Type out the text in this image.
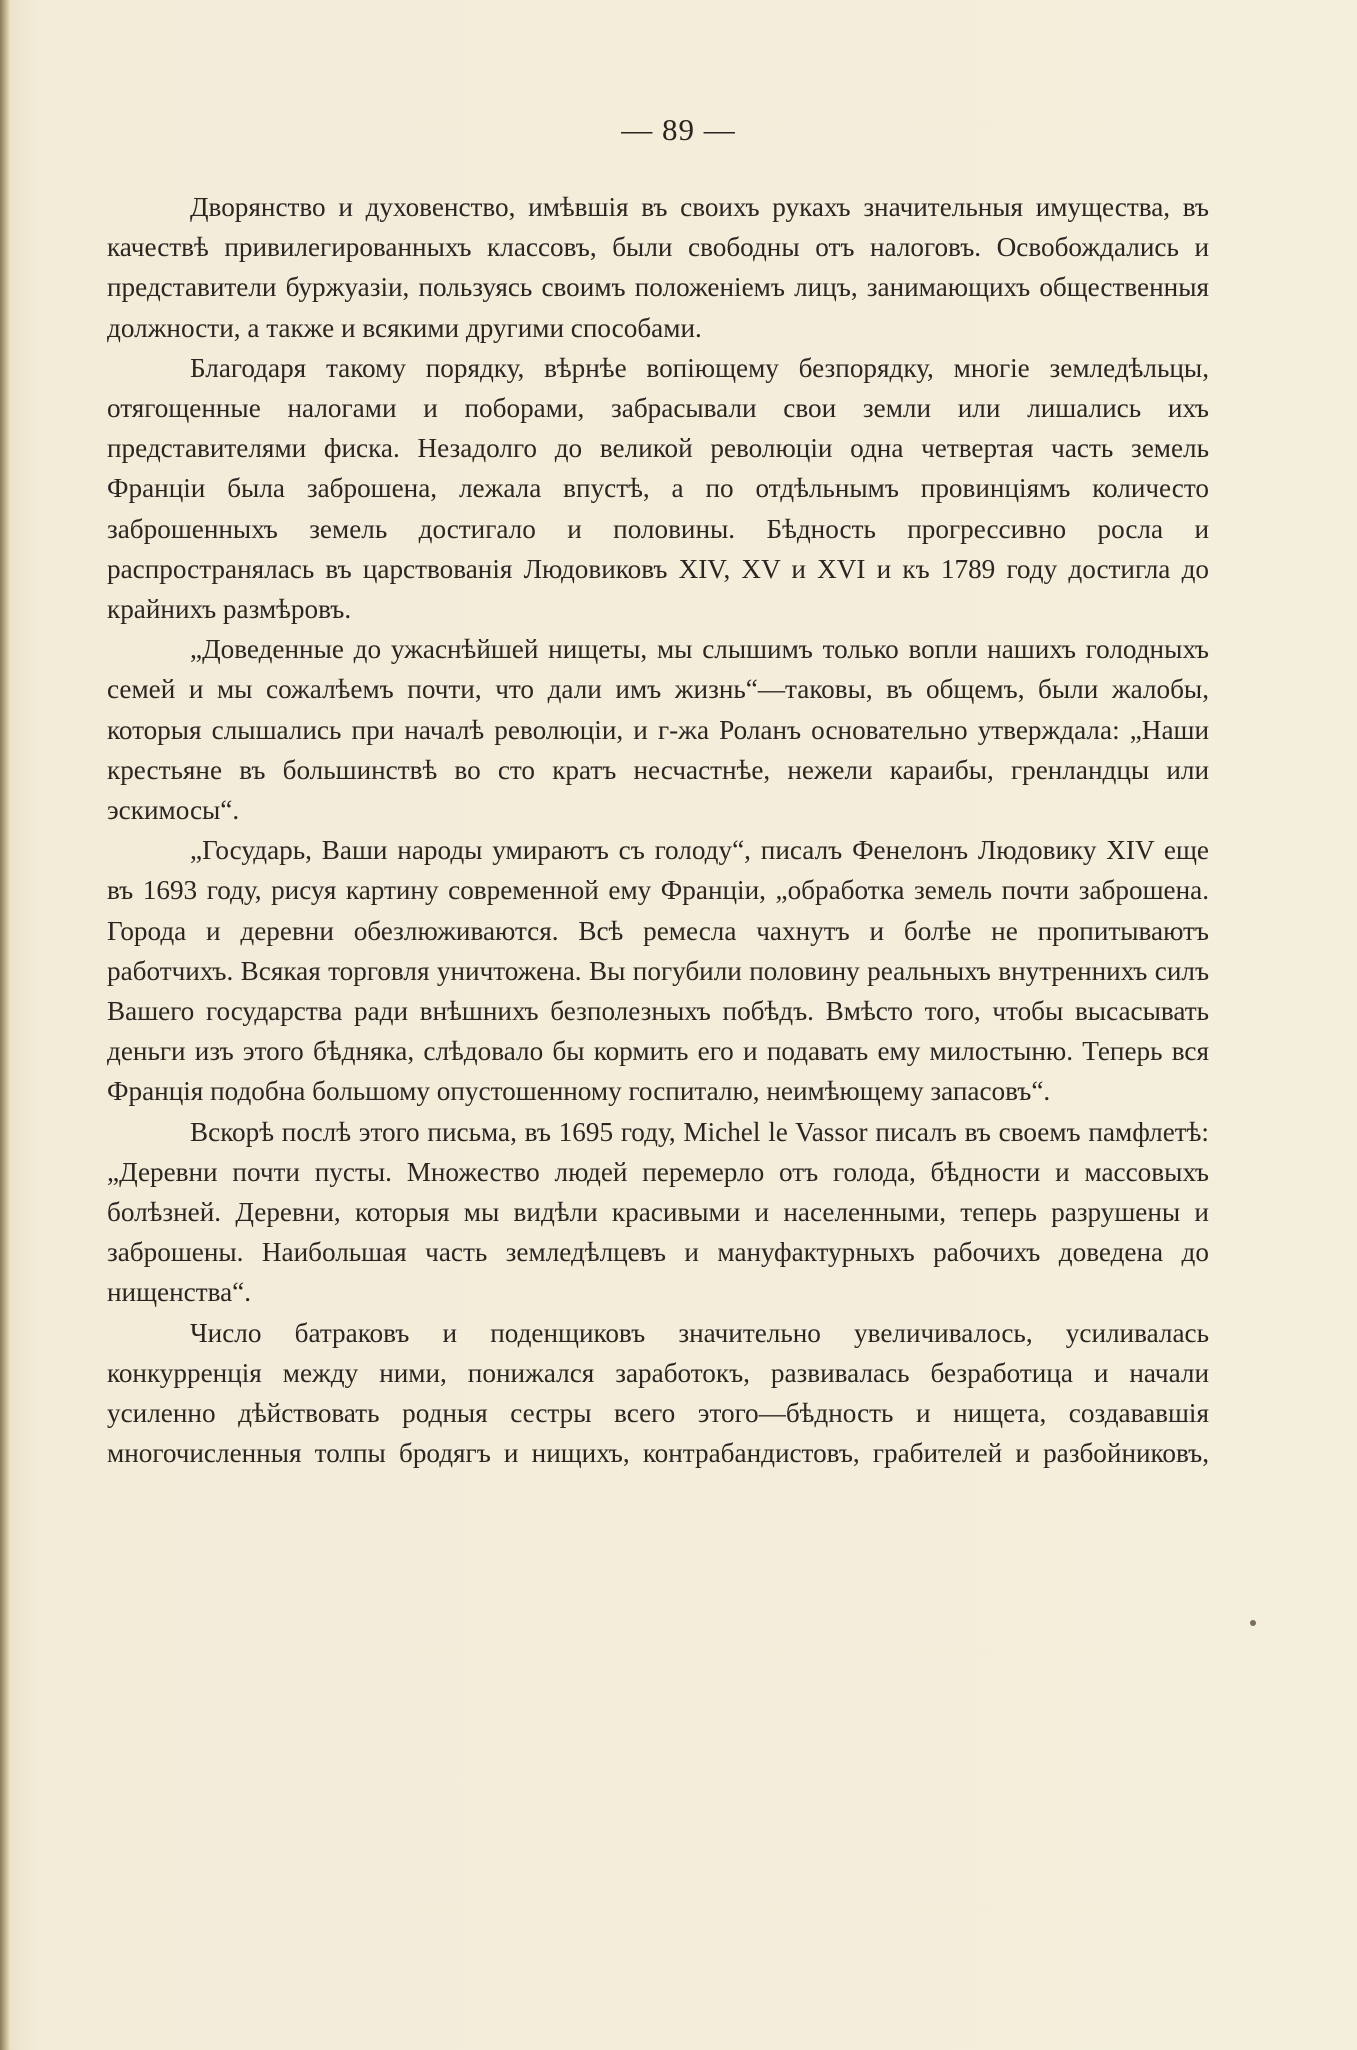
— 89 —

Дворянство и духовенство, имѣвшія въ своихъ рукахъ значительныя имущества, въ качествѣ привилегированныхъ классовъ, были свободны отъ налоговъ. Освобождались и представители буржуазіи, пользуясь своимъ положеніемъ лицъ, занимающихъ общественныя должности, а также и всякими другими способами.

Благодаря такому порядку, вѣрнѣе вопіющему безпорядку, многіе земледѣльцы, отягощенные налогами и поборами, забрасывали свои земли или лишались ихъ представителями фиска. Незадолго до великой революціи одна четвертая часть земель Франціи была заброшена, лежала впустѣ, а по отдѣльнымъ провинціямъ количесто заброшенныхъ земель достигало и половины. Бѣдность прогрессивно росла и распространялась въ царствованія Людовиковъ XIV, XV и XVI и къ 1789 году достигла до крайнихъ размѣровъ.

„Доведенные до ужаснѣйшей нищеты, мы слышимъ только вопли нашихъ голодныхъ семей и мы сожалѣемъ почти, что дали имъ жизнь“—таковы, въ общемъ, были жалобы, которыя слышались при началѣ революціи, и г-жа Роланъ основательно утверждала: „Наши крестьяне въ большинствѣ во сто кратъ несчастнѣе, нежели караибы, гренландцы или эскимосы“.

„Государь, Ваши народы умираютъ съ голоду“, писалъ Фенелонъ Людовику XIV еще въ 1693 году, рисуя картину современной ему Франціи, „обработка земель почти заброшена. Города и деревни обезлюживаются. Всѣ ремесла чахнутъ и болѣе не пропитываютъ работчихъ. Всякая торговля уничтожена. Вы погубили половину реальныхъ внутреннихъ силъ Вашего государства ради внѣшнихъ безполезныхъ побѣдъ. Вмѣсто того, чтобы высасывать деньги изъ этого бѣдняка, слѣдовало бы кормить его и подавать ему милостыню. Теперь вся Франція подобна большому опустошенному госпиталю, неимѣющему запасовъ“.

Вскорѣ послѣ этого письма, въ 1695 году, Michel le Vassor писалъ въ своемъ памфлетѣ: „Деревни почти пусты. Множество людей перемерло отъ голода, бѣдности и массовыхъ болѣзней. Деревни, которыя мы видѣли красивыми и населенными, теперь разрушены и заброшены. Наибольшая часть земледѣлцевъ и мануфактурныхъ рабочихъ доведена до нищенства“.

Число батраковъ и поденщиковъ значительно увеличивалось, усиливалась конкурренція между ними, понижался заработокъ, развивалась безработица и начали усиленно дѣйствовать родныя сестры всего этого—бѣдность и нищета, создававшія многочисленныя толпы бродягъ и нищихъ, контрабандистовъ, грабителей и разбойниковъ,
